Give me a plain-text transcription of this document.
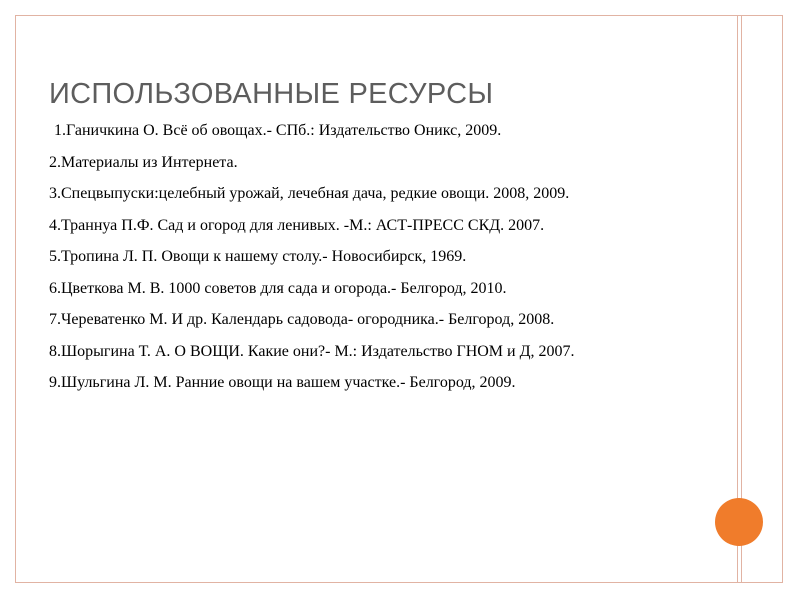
ИСПОЛЬЗОВАННЫЕ РЕСУРСЫ
1.Ганичкина О. Всё об овощах.- СПб.: Издательство Оникс, 2009.
2.Материалы из Интернета.
3.Спецвыпуски:целебный урожай, лечебная дача, редкие овощи. 2008, 2009.
4.Траннуа П.Ф. Сад и огород для ленивых. -М.: АСТ-ПРЕСС СКД. 2007.
5.Тропина Л. П. Овощи к нашему столу.- Новосибирск, 1969.
6.Цветкова М. В. 1000 советов для сада и огорода.- Белгород, 2010.
7.Череватенко М. И др. Календарь садовода- огородника.- Белгород, 2008.
8.Шорыгина Т. А. О ВОЩИ. Какие они?- М.: Издательство ГНОМ и Д, 2007.
9.Шульгина Л. М. Ранние овощи на вашем участке.- Белгород, 2009.
